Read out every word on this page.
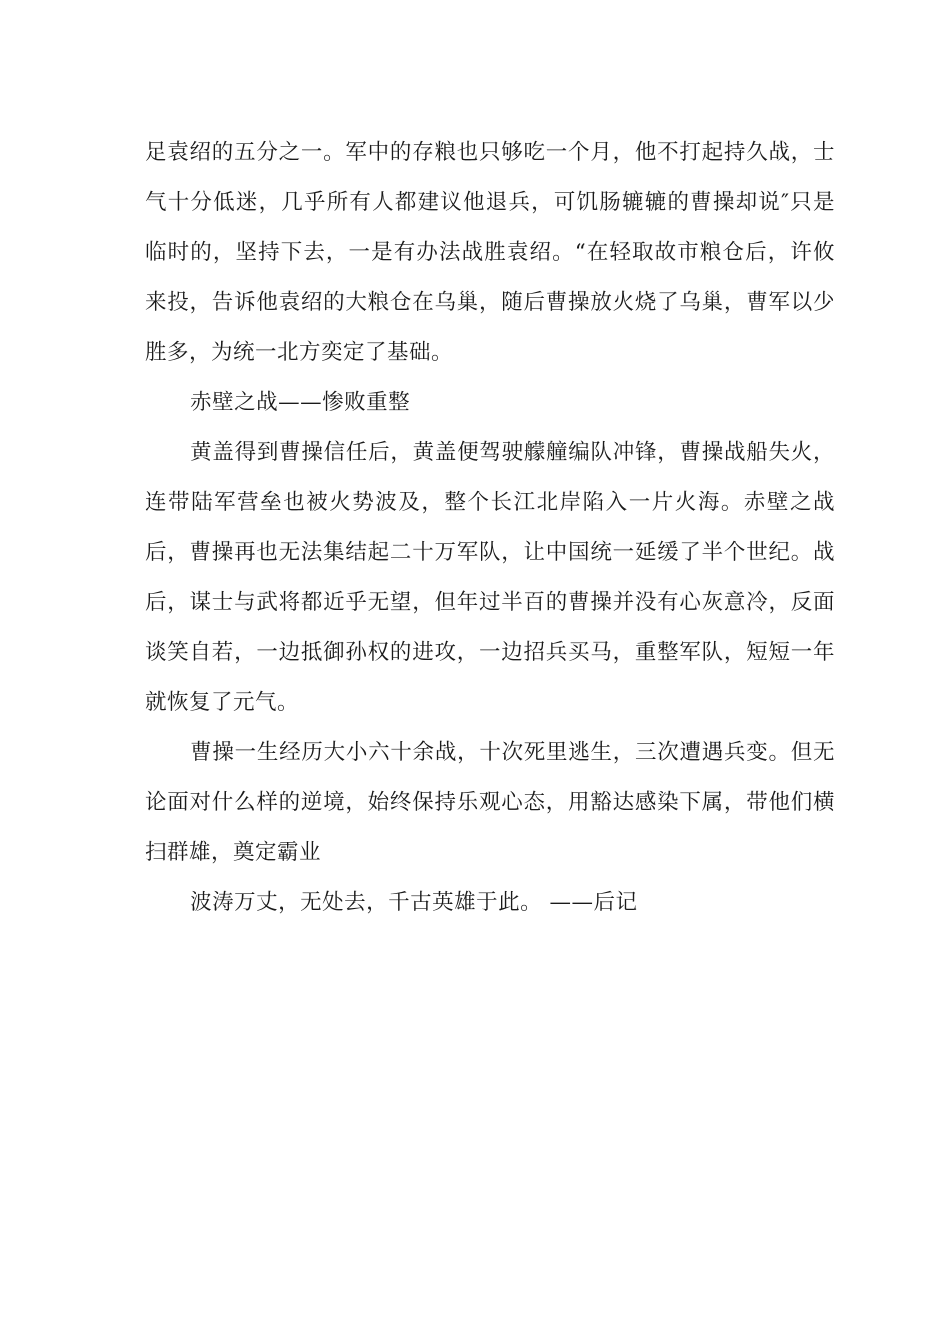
足袁绍的五分之一。军中的存粮也只够吃一个月，他不打起持久战，士气十分低迷，几乎所有人都建议他退兵，可饥肠辘辘的曹操却说″只是临时的，坚持下去，一是有办法战胜袁绍。“在轻取故市粮仓后，许攸来投，告诉他袁绍的大粮仓在乌巢，随后曹操放火烧了乌巢，曹军以少胜多，为统一北方奕定了基础。

赤壁之战——惨败重整

黄盖得到曹操信任后，黄盖便驾驶艨艟编队冲锋，曹操战船失火，连带陆军营垒也被火势波及，整个长江北岸陷入一片火海。赤壁之战后，曹操再也无法集结起二十万军队，让中国统一延缓了半个世纪。战后，谋士与武将都近乎无望，但年过半百的曹操并没有心灰意冷，反面谈笑自若，一边抵御孙权的进攻，一边招兵买马，重整军队，短短一年就恢复了元气。

曹操一生经历大小六十余战，十次死里逃生，三次遭遇兵变。但无论面对什么样的逆境，始终保持乐观心态，用豁达感染下属，带他们横扫群雄，奠定霸业

波涛万丈，无处去，千古英雄于此。 ——后记
